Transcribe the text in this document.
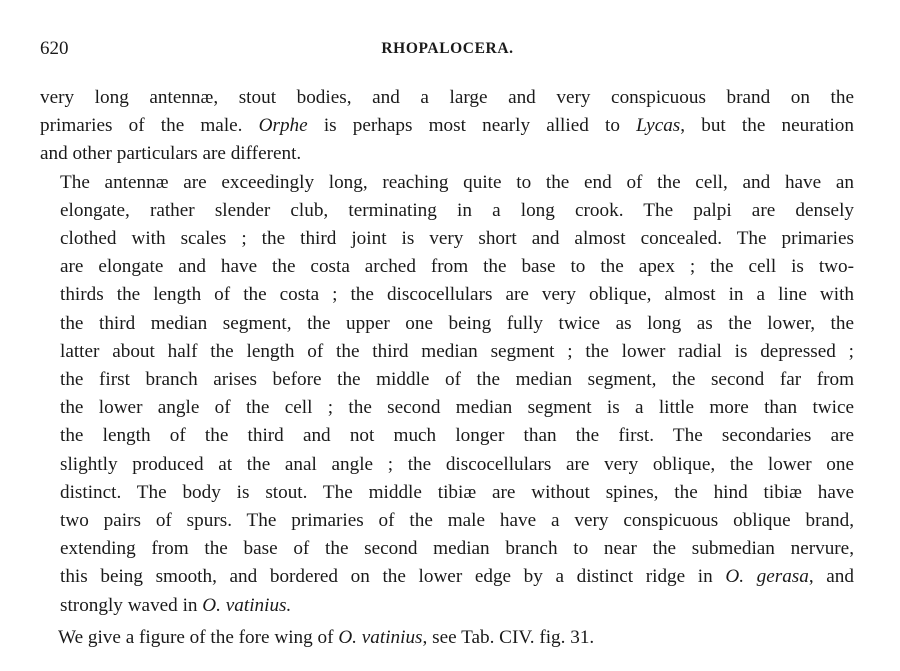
620	RHOPALOCERA.

very long antennæ, stout bodies, and a large and very conspicuous brand on the
primaries of the male. Orphe is perhaps most nearly allied to Lycas, but the neuration
and other particulars are different.

The antennæ are exceedingly long, reaching quite to the end of the cell, and have an
elongate, rather slender club, terminating in a long crook. The palpi are densely
clothed with scales ; the third joint is very short and almost concealed. The primaries
are elongate and have the costa arched from the base to the apex ; the cell is two-
thirds the length of the costa ; the discocellulars are very oblique, almost in a line with
the third median segment, the upper one being fully twice as long as the lower, the
latter about half the length of the third median segment ; the lower radial is depressed ;
the first branch arises before the middle of the median segment, the second far from
the lower angle of the cell ; the second median segment is a little more than twice
the length of the third and not much longer than the first. The secondaries are
slightly produced at the anal angle ; the discocellulars are very oblique, the lower one
distinct. The body is stout. The middle tibiæ are without spines, the hind tibiæ have
two pairs of spurs. The primaries of the male have a very conspicuous oblique brand,
extending from the base of the second median branch to near the submedian nervure,
this being smooth, and bordered on the lower edge by a distinct ridge in O. gerasa, and
strongly waved in O. vatinius.

We give a figure of the fore wing of O. vatinius, see Tab. CIV. fig. 31.
